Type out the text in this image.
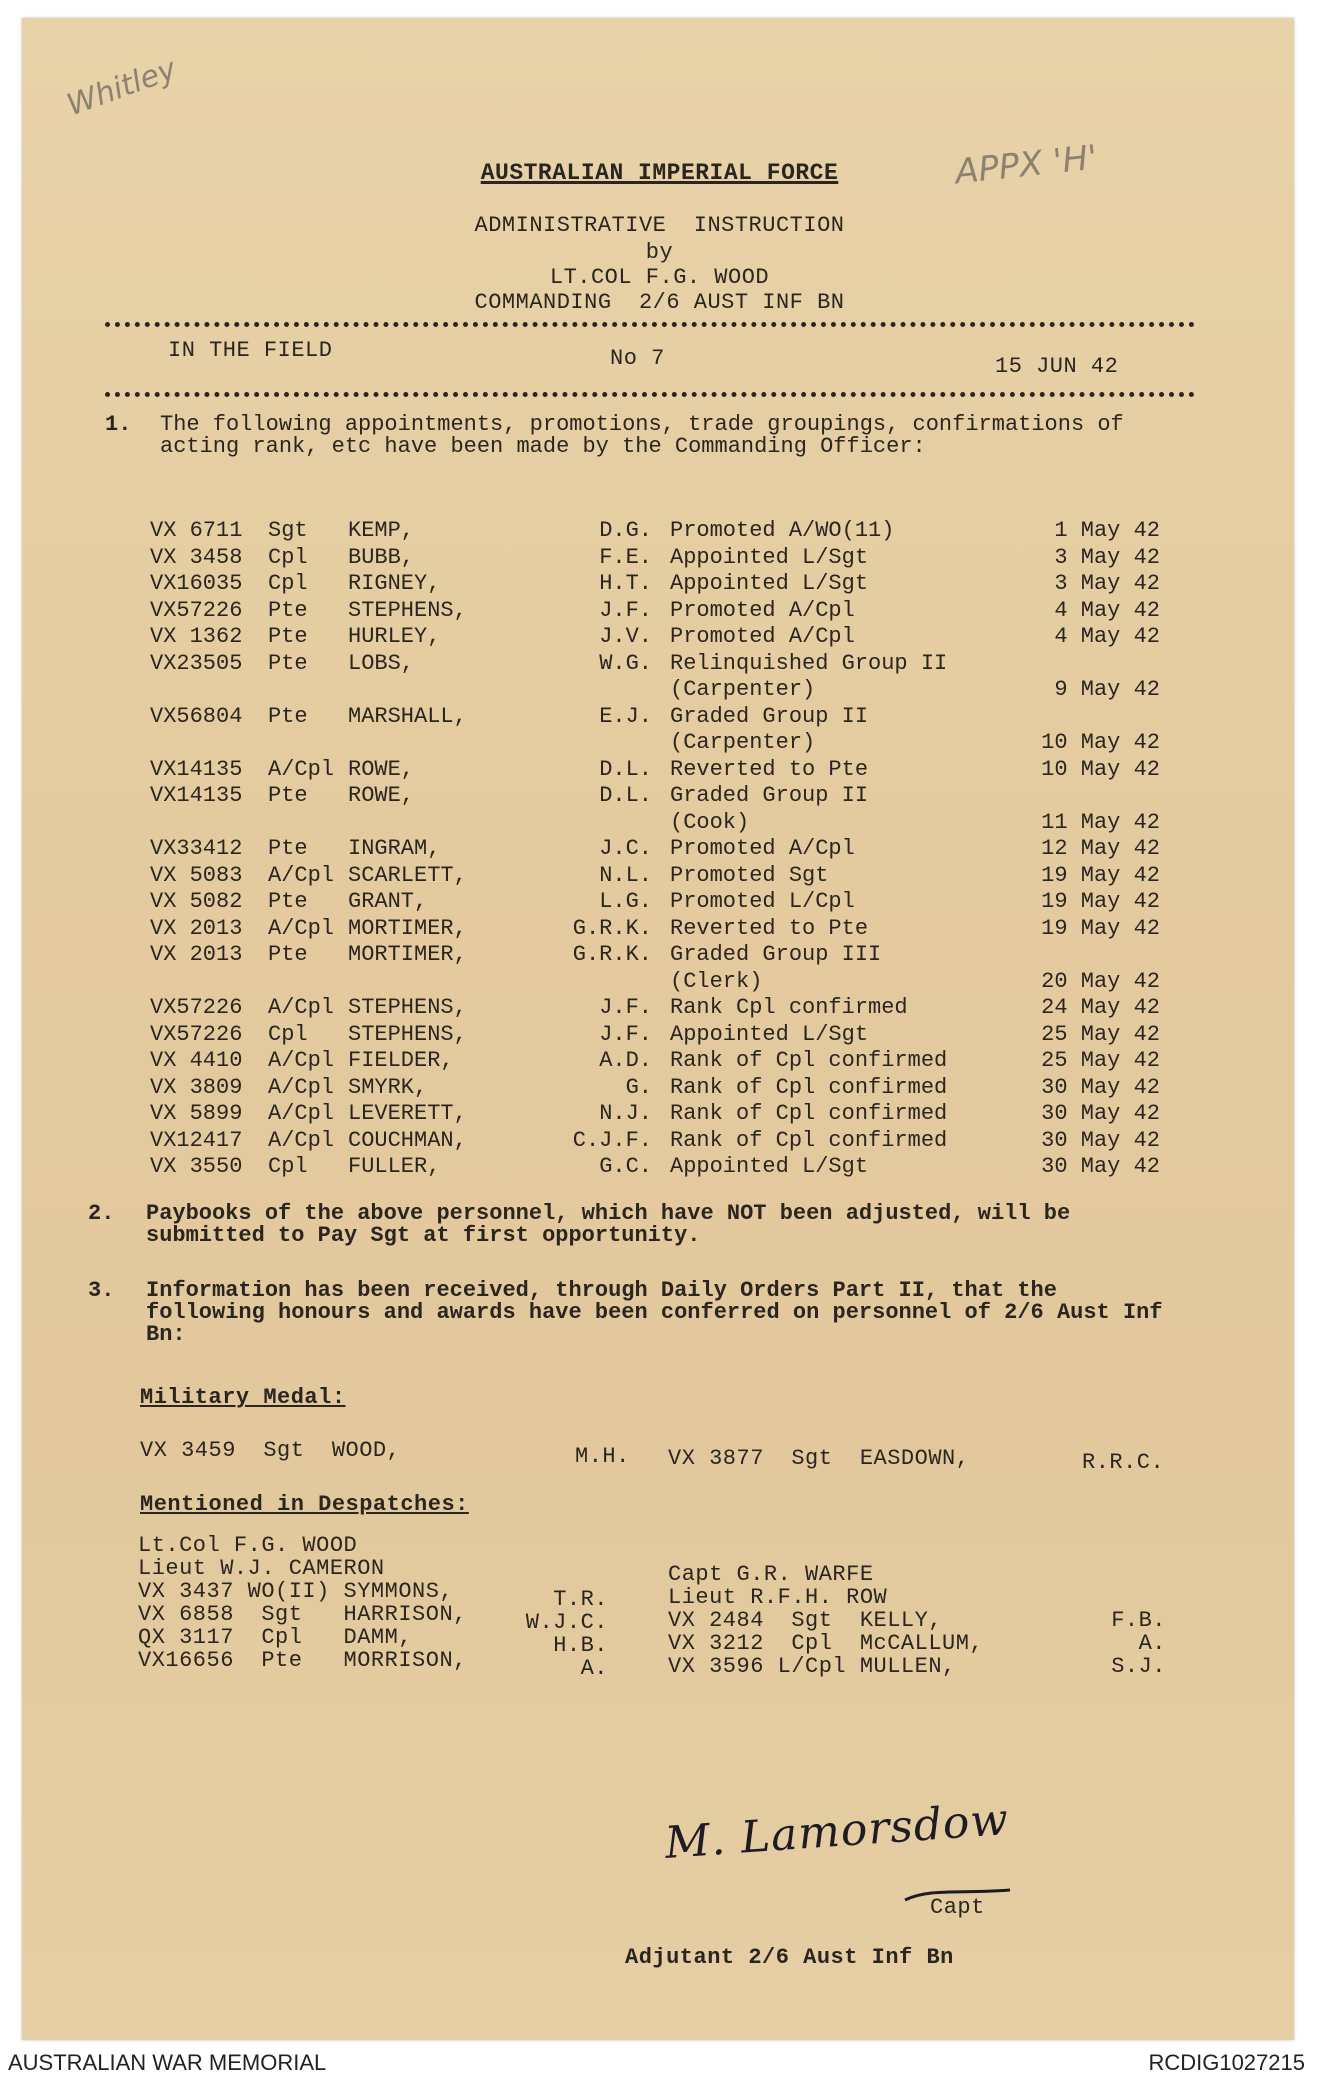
Whitley
APPX 'H'
AUSTRALIAN IMPERIAL FORCE
ADMINISTRATIVE  INSTRUCTION
by
LT.COL F.G. WOOD
COMMANDING  2/6 AUST INF BN
IN THE FIELD	No 7	15 JUN 42
1. The following appointments, promotions, trade groupings, confirmations of acting rank, etc have been made by the Commanding Officer:
VX 6711	Sgt	KEMP,	D.G. Promoted A/WO(11)	1 May 42
VX 3458	Cpl	BUBB,	F.E. Appointed L/Sgt	3 May 42
VX16035	Cpl	RIGNEY,	H.T. Appointed L/Sgt	3 May 42
VX57226	Pte	STEPHENS,	J.F. Promoted A/Cpl	4 May 42
VX 1362	Pte	HURLEY,	J.V. Promoted A/Cpl	4 May 42
VX23505	Pte	LOBS,	W.G. Relinquished Group II
(Carpenter)	9 May 42
VX56804	Pte	MARSHALL,	E.J. Graded Group II
(Carpenter)	10 May 42
VX14135	A/Cpl ROWE,	D.L. Reverted to Pte	10 May 42
VX14135	Pte	ROWE,	D.L. Graded Group II
(Cook)	11 May 42
VX33412	Pte	INGRAM,	J.C. Promoted A/Cpl	12 May 42
VX 5083	A/Cpl SCARLETT,	N.L. Promoted Sgt	19 May 42
VX 5082	Pte	GRANT,	L.G. Promoted L/Cpl	19 May 42
VX 2013	A/Cpl MORTIMER,	G.R.K. Reverted to Pte	19 May 42
VX 2013	Pte	MORTIMER,	G.R.K. Graded Group III
(Clerk)	20 May 42
VX57226	A/Cpl STEPHENS,	J.F. Rank Cpl confirmed	24 May 42
VX57226	Cpl	STEPHENS,	J.F. Appointed L/Sgt	25 May 42
VX 4410	A/Cpl FIELDER,	A.D. Rank of Cpl confirmed	25 May 42
VX 3809	A/Cpl SMYRK,	G. Rank of Cpl confirmed	30 May 42
VX 5899	A/Cpl LEVERETT,	N.J. Rank of Cpl confirmed	30 May 42
VX12417	A/Cpl COUCHMAN,	C.J.F. Rank of Cpl confirmed	30 May 42
VX 3550	Cpl	FULLER,	G.C. Appointed L/Sgt	30 May 42
2. Paybooks of the above personnel, which have NOT been adjusted, will be submitted to Pay Sgt at first opportunity.
3. Information has been received, through Daily Orders Part II, that the following honours and awards have been conferred on personnel of 2/6 Aust Inf Bn:
Military Medal:
VX 3459  Sgt  WOOD,	M.H. VX 3877  Sgt  EASDOWN,	R.R.C.
Mentioned in Despatches:
Lt.Col F.G. WOOD
Lieut W.J. CAMERON
VX 3437 WO(II) SYMMONS,	T.R.
VX 6858  Sgt   HARRISON,	W.J.C.
QX 3117  Cpl   DAMM,	H.B.
VX16656  Pte   MORRISON,	A.
Capt G.R. WARFE
Lieut R.F.H. ROW
VX 2484  Sgt  KELLY,	F.B.
VX 3212  Cpl  McCALLUM,	A.
VX 3596 L/Cpl MULLEN,	S.J.
M. Lamorsdow
Capt
Adjutant 2/6 Aust Inf Bn
AUSTRALIAN WAR MEMORIAL	RCDIG1027215
